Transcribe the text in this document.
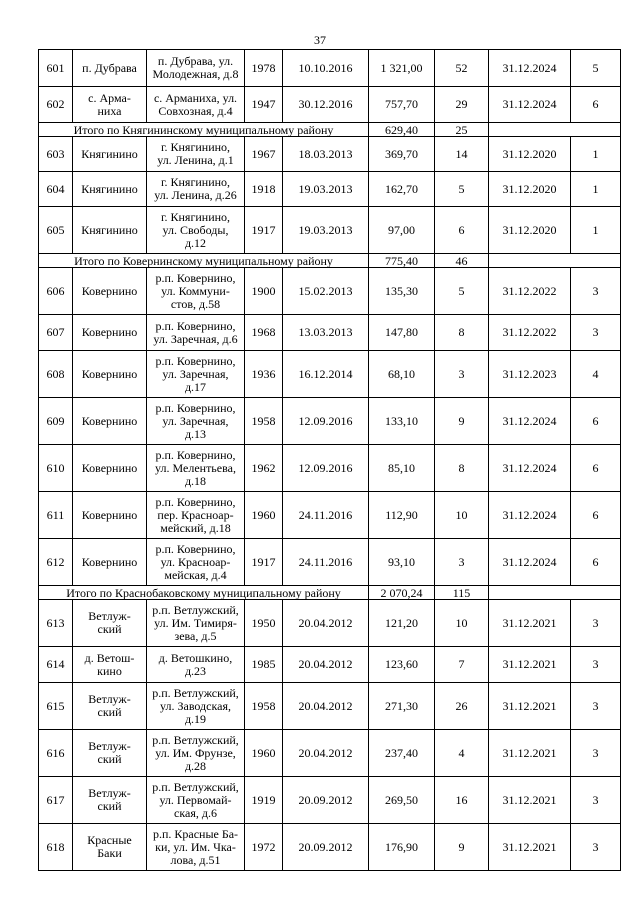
37
601	п. Дубрава	п. Дубрава, ул.
Молодежная, д.8	1978	10.10.2016	1 321,00	52	31.12.2024	5
602	с. Арма-
ниха	с. Арманиха, ул.
Совхозная, д.4	1947	30.12.2016	757,70	29	31.12.2024	6
Итого по Княгининскому муниципальному району					629,40	25		
603	Княгинино	г. Княгинино,
ул. Ленина, д.1	1967	18.03.2013	369,70	14	31.12.2020	1
604	Княгинино	г. Княгинино,
ул. Ленина, д.26	1918	19.03.2013	162,70	5	31.12.2020	1
605	Княгинино	г. Княгинино,
ул. Свободы,
д.12	1917	19.03.2013	97,00	6	31.12.2020	1
Итого по Ковернинскому муниципальному району					775,40	46		
606	Ковернино	р.п. Ковернино,
ул. Коммуни-
стов, д.58	1900	15.02.2013	135,30	5	31.12.2022	3
607	Ковернино	р.п. Ковернино,
ул. Заречная, д.6	1968	13.03.2013	147,80	8	31.12.2022	3
608	Ковернино	р.п. Ковернино,
ул. Заречная,
д.17	1936	16.12.2014	68,10	3	31.12.2023	4
609	Ковернино	р.п. Ковернино,
ул. Заречная,
д.13	1958	12.09.2016	133,10	9	31.12.2024	6
610	Ковернино	р.п. Ковернино,
ул. Мелентьева,
д.18	1962	12.09.2016	85,10	8	31.12.2024	6
611	Ковернино	р.п. Ковернино,
пер. Красноар-
мейский, д.18	1960	24.11.2016	112,90	10	31.12.2024	6
612	Ковернино	р.п. Ковернино,
ул. Красноар-
мейская, д.4	1917	24.11.2016	93,10	3	31.12.2024	6
Итого по Краснобаковскому муниципальному району					2 070,24	115		
613	Ветлуж-
ский	р.п. Ветлужский,
ул. Им. Тимиря-
зева, д.5	1950	20.04.2012	121,20	10	31.12.2021	3
614	д. Ветош-
кино	д. Ветошкино,
д.23	1985	20.04.2012	123,60	7	31.12.2021	3
615	Ветлуж-
ский	р.п. Ветлужский,
ул. Заводская,
д.19	1958	20.04.2012	271,30	26	31.12.2021	3
616	Ветлуж-
ский	р.п. Ветлужский,
ул. Им. Фрунзе,
д.28	1960	20.04.2012	237,40	4	31.12.2021	3
617	Ветлуж-
ский	р.п. Ветлужский,
ул. Первомай-
ская, д.6	1919	20.09.2012	269,50	16	31.12.2021	3
618	Красные
Баки	р.п. Красные Ба-
ки, ул. Им. Чка-
лова, д.51	1972	20.09.2012	176,90	9	31.12.2021	3
